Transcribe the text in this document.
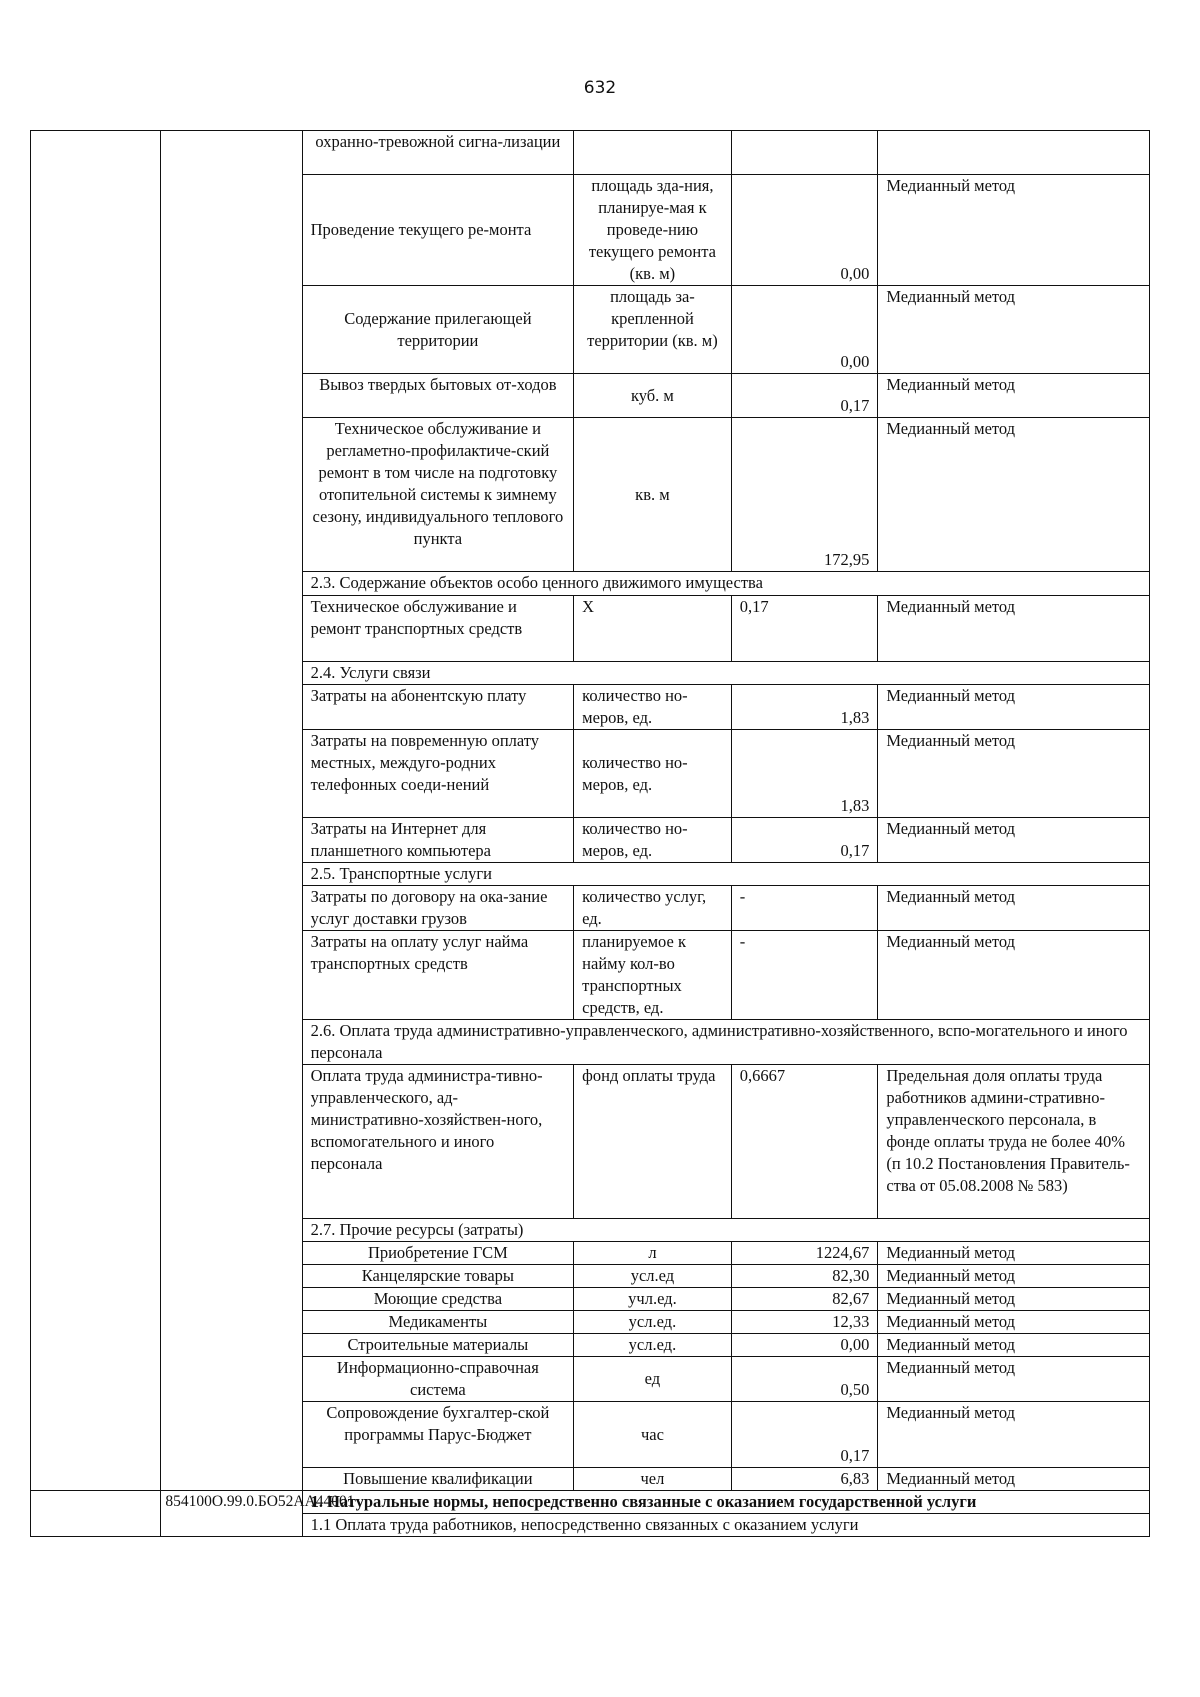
632
		охранно-тревожной сигна-лизации			
		Проведение текущего ре-монта	площадь зда-ния, планируе-мая к проведе-нию текущего ремонта (кв. м)	0,00	Медианный метод
		Содержание прилегающей территории	площадь за-крепленной территории (кв. м)	0,00	Медианный метод
		Вывоз твердых бытовых от-ходов	куб. м	0,17	Медианный метод
		Техническое обслуживание и регламетно-профилактиче-ский ремонт в том числе на подготовку отопительной системы к зимнему сезону, индивидуального теплового пункта	кв. м	172,95	Медианный метод
		2.3. Содержание объектов особо ценного движимого имущества			
		Техническое обслуживание и ремонт транспортных средств	Х	0,17	Медианный метод
		2.4. Услуги связи			
		Затраты на абонентскую плату	количество но-меров, ед.	1,83	Медианный метод
		Затраты на повременную оплату местных, междуго-родних телефонных соеди-нений	количество но-меров, ед.	1,83	Медианный метод
		Затраты на Интернет для планшетного компьютера	количество но-меров, ед.	0,17	Медианный метод
		2.5. Транспортные услуги			
		Затраты по договору на ока-зание услуг доставки грузов	количество услуг, ед.	-	Медианный метод
		Затраты на оплату услуг найма транспортных средств	планируемое к найму кол-во транспортных средств, ед.	-	Медианный метод
		2.6. Оплата труда административно-управленческого, административно-хозяйственного, вспо-могательного и иного персонала			
		Оплата труда администра-тивно-управленческого, ад-министративно-хозяйствен-ного, вспомогательного и иного персонала	фонд оплаты труда	0,6667	Предельная доля оплаты труда работников админи-стративно-управленческого персонала, в фонде оплаты труда не более 40% (п 10.2 Постановления Правитель-ства от 05.08.2008 № 583)
		2.7. Прочие ресурсы (затраты)			
		Приобретение ГСМ	л	1224,67	Медианный метод
		Канцелярские товары	усл.ед	82,30	Медианный метод
		Моющие средства	учл.ед.	82,67	Медианный метод
		Медикаменты	усл.ед.	12,33	Медианный метод
		Строительные материалы	усл.ед.	0,00	Медианный метод
		Информационно-справочная система	ед	0,50	Медианный метод
		Сопровождение бухгалтер-ской программы Парус-Бюджет	час	0,17	Медианный метод
		Повышение квалификации	чел	6,83	Медианный метод
	854100О.99.0.БО52АА44001	1. Натуральные нормы, непосредственно связанные с оказанием государственной услуги			
		1.1 Оплата труда работников, непосредственно связанных с оказанием услуги			
